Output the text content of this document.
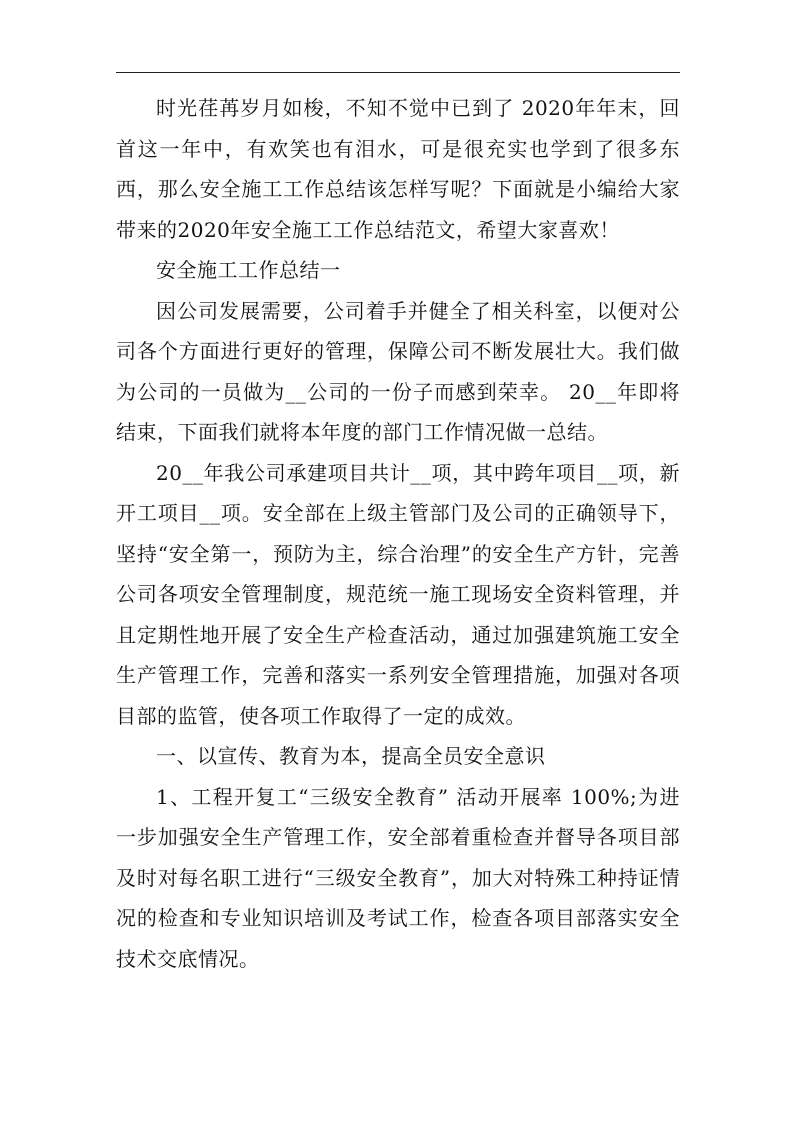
时光荏苒岁月如梭，不知不觉中已到了 2020年年末，回首这一年中，有欢笑也有泪水，可是很充实也学到了很多东西，那么安全施工工作总结该怎样写呢？下面就是小编给大家带来的2020年安全施工工作总结范文，希望大家喜欢！

安全施工工作总结一

因公司发展需要，公司着手并健全了相关科室，以便对公司各个方面进行更好的管理，保障公司不断发展壮大。我们做为公司的一员做为__公司的一份子而感到荣幸。 20__年即将结束，下面我们就将本年度的部门工作情况做一总结。

20__年我公司承建项目共计__项，其中跨年项目__项，新开工项目__项。安全部在上级主管部门及公司的正确领导下，坚持“安全第一，预防为主，综合治理”的安全生产方针，完善公司各项安全管理制度，规范统一施工现场安全资料管理，并且定期性地开展了安全生产检查活动，通过加强建筑施工安全生产管理工作，完善和落实一系列安全管理措施，加强对各项目部的监管，使各项工作取得了一定的成效。

一、以宣传、教育为本，提高全员安全意识

1、工程开复工“三级安全教育” 活动开展率 100%;为进一步加强安全生产管理工作，安全部着重检查并督导各项目部及时对每名职工进行“三级安全教育”，加大对特殊工种持证情况的检查和专业知识培训及考试工作，检查各项目部落实安全技术交底情况。
